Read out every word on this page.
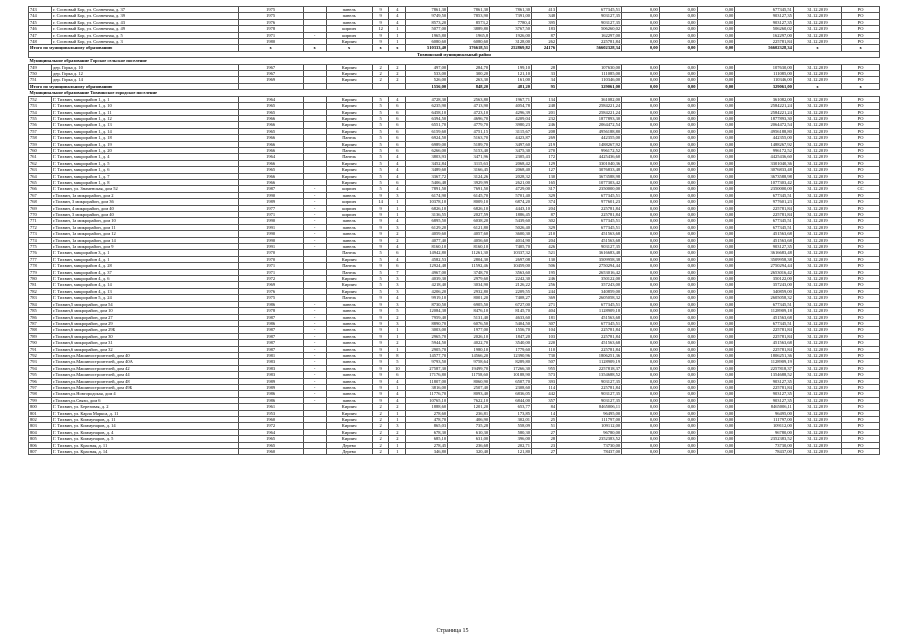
743	г. Сосновый Бор, ул. Солнечная, д. 37	1975		панель	9	4	7861,30	7861,30	7861,30	413	677345,51	0,00	0,00	0,00	677345,51	31.12.2019	РО
744	г. Сосновый Бор, ул. Солнечная, д. 39	1975		панель	9	4	9749,50	7853,90	7391,00	348	903127,35	0,00	0,00	0,00	903127,35	31.12.2019	РО
745	г. Сосновый Бор, ул. Солнечная, д. 43	1976		панель	9	4	8573,20	8573,2	7780,4	395	903127,35	0,00	0,00	0,00	903127,35	31.12.2019	РО
746	г. Сосновый Бор, ул. Солнечная, д. 49	1978		кирпич	12	1	5077,00	3889,80	3767,50	183	506260,02	0,00	0,00	0,00	506260,02	31.12.2019	РО
747	г. Сосновый Бор, ул. Солнечная, д. 5	1971	-	кирпич	9	1	1965,80	1965,8	1926,00	87	162297,00	0,00	0,00	0,00	162297,00	31.12.2019	РО
748	г. Сосновый Бор, ул. Солнечная, д. 3	1980		Кирпич	9	1	6080,60	6080,60	3128,00	262	225781,84	0,00	0,00	0,00	225781,84	31.12.2019	РО
Итого по муниципальному образованию		x	x	x	x	x	510333,40	376618,51	252869,82	24176	56602328,34	0,00	0,00	0,00	56602328,34	x	x
Тихвинский муниципальный район																	
Муниципальное образование Горское сельское поселение																	
749	дер. Горка д. 10	1967		Кирпич	2	2	497,00	284,70	199,10	28	107630,00	0,00	0,00	0,00	107630,00	31.12.2019	РО
750	дер. Горка д. 12	1967		Кирпич	2	2	533,00	300,20	121,10	33	111085,00	0,00	0,00	0,00	111085,00	31.12.2019	РО
751	дер. Горка д. 14	1969		Кирпич	2	2	526,00	263,30	161,00	34	110346,00	0,00	0,00	0,00	110346,00	31.12.2019	РО
Итого по муниципальному образованию							1556,00	848,20	481,20	95	329061,00	0,00	0,00	0,00	329061,00	x	x
Муниципальное образование Тихвинское городское поселение																	
752	Г. Тихвин, микрорайон 1, д. 1	1964		Кирпич	5	4	4728,30	2563,80	1967,71	134	361082,00	0,00	0,00	0,00	361082,00	31.12.2019	РО
753	Г. Тихвин, микрорайон 1, д. 10	1965		Кирпич	5	6	6235,90	4713,90	4054,78	248	2584221,24	0,00	0,00	0,00	2584221,24	31.12.2019	РО
754	Г. Тихвин, микрорайон 1, д. 11	1965		Кирпич	5	6	6458,10	4723,10	4296,39	201	2584221,24	0,00	0,00	0,00	2584221,24	31.12.2019	РО
755	Г. Тихвин, микрорайон 1, д. 12	1966		Кирпич	5	6	6394,50	4696,70	4209,04	232	1877893,30	0,00	0,00	0,00	1877893,30	31.12.2019	РО
756	Г. Тихвин, микрорайон 1, д. 13	1966		Кирпич	5	6	6551,70	4779,70	3980,23	246	2064472,54	0,00	0,00	0,00	2064472,54	31.12.2019	РО
757	Г. Тихвин, микрорайон 1, д. 14	1965		Кирпич	5	6	6159,60	4751,15	3115,67	208	4956188,80	0,00	0,00	0,00	4956188,80	31.12.2019	РО
758	Г. Тихвин, микрорайон 1, д. 18	1966		Панель	5	6	6924,50	5163,70	4423,87	269	442355,00	0,00	0,00	0,00	442355,00	31.12.2019	РО
759	Г. Тихвин, микрорайон 1, д. 19	1966		Кирпич	5	6	6989,00	5189,70	3497,60	219	1488267,92	0,00	0,00	0,00	1488267,92	31.12.2019	РО
760	Г. Тихвин, микрорайон 1, д. 20	1966		Панель	5	6	6266,00	5153,40	3475,30	270	996172,52	0,00	0,00	0,00	996172,52	31.12.2019	РО
761	Г. Тихвин, микрорайон 1, д. 4	1964		Панель	5	4	3803,93	3471,96	2305,43	172	4425436,60	0,00	0,00	0,00	4425436,60	31.12.2019	РО
762	Г. Тихвин, микрорайон 1, д. 5	1966		Кирпич	5	4	3452,84	3115,63	2068,42	129	3301040,36	0,00	0,00	0,00	3301040,36	31.12.2019	РО
763	Г. Тихвин, микрорайон 1, д. 6	1965		Кирпич	5	4	3489,60	3166,45	2068,40	127	3076833,48	0,00	0,00	0,00	3076833,48	31.12.2019	РО
764	Г. Тихвин, микрорайон 1, д. 7	1966		Кирпич	5	4	3367,72	3124,26	2028,32	130	3673588,98	0,00	0,00	0,00	3673588,98	31.12.2019	РО
765	Г. Тихвин, микрорайон 1, д. 8	1966		Кирпич	5	6	5406,48	3929,99	2621,00	165	1077303,42	0,00	0,00	0,00	1077303,42	31.12.2019	РО
766	Г. Тихвин, ул. Знаменская, дом 52	1987	-	кирпич	5	4	7891,50	7691,50	4729,00	317	2350000,00	0,00	0,00	0,00	2350000,00	31.12.2019	СС
767	г.Тихвин, 1а микрорайон, дом 2	1990	-	панель	9	3	6174,90	6145,70	5701,40	329	677345,51	0,00	0,00	0,00	677345,51	31.12.2019	РО
768	г.Тихвин, 3 микрорайон, дом 36	1989	-	кирпич	14	1	10378,10	8009,10	6874,20	374	977601,23	0,00	0,00	0,00	977601,23	31.12.2019	РО
769	г.Тихвин, 4 микрорайон, дом 40	1977	-	кирпич	9	1	6826,10	6826,10	4443,10	204	225781,84	0,00	0,00	0,00	225781,84	31.12.2019	РО
770	г.Тихвин, 3 микрорайон, дом 40	1971	-	кирпич	9	1	3136,55	2027,59	1886,45	87	225781,84	0,00	0,00	0,00	225781,84	31.12.2019	РО
771	г.Тихвин, 1а микрорайон, дом 10	1990	-	панель	9	4	6895,50	6038,20	5439,60	302	677345,51	0,00	0,00	0,00	677345,51	31.12.2019	РО
772	г.Тихвин, 1а микрорайон, дом 11	1991	-	панель	9	3	6129,20	6121,80	5026,40	329	677345,51	0,00	0,00	0,00	677345,51	31.12.2019	РО
773	г.Тихвин, 1а микрорайон, дом 12	1990	-	панель	9	2	4059,60	4057,60	3600,30	210	451563,68	0,00	0,00	0,00	451563,68	31.12.2019	РО
774	г.Тихвин, 1а микрорайон, дом 14	1990	-	панель	9	2	4077,40	4056,60	4014,90	204	451563,68	0,00	0,00	0,00	451563,68	31.12.2019	РО
775	г.Тихвин, 1а микрорайон, дом 9	1991	-	панель	9	4	8160,10	8160,10	7405,70	426	903127,35	0,00	0,00	0,00	903127,35	31.12.2019	РО
776	Г. Тихвин, микрорайон 3, д. 1	1970		Панель	5	6	14942,80	11261,30	10337,32	521	3616683,48	0,00	0,00	0,00	3616683,48	31.12.2019	РО
777	Г. Тихвин, микрорайон 4, д. 1	1970		Кирпич	5	4	4582,53	2804,30	2697,08	130	3509958,38	0,00	0,00	0,00	3509958,38	31.12.2019	РО
778	Г. Тихвин, микрорайон 4, д. 28	1971		Панель	9	6	12924,48	11592,46	10459,00	506	2750294,44	0,00	0,00	0,00	2750294,44	31.12.2019	РО
779	Г. Тихвин, микрорайон 4, д. 37	1971		Панель	5	7	4967,00	3748,70	3563,60	195	2653016,42	0,00	0,00	0,00	2653016,42	31.12.2019	РО
780	Г. Тихвин, микрорайон 4, д. 6	1972		Кирпич	5	3	4039,30	2979,60	2242,30	246	350122,00	0,00	0,00	0,00	350122,00	31.12.2019	РО
781	Г. Тихвин, микрорайон 4, д. 14	1969		Кирпич	5	3	4218,40	3034,90	2126,22	256	357243,00	0,00	0,00	0,00	357243,00	31.12.2019	РО
782	Г. Тихвин, микрорайон 4, д. 13	1976		Кирпич	5	3	4206,20	2932,80	2209,55	244	340859,00	0,00	0,00	0,00	340859,00	31.12.2019	РО
783	Г. Тихвин, микрорайон 5, д. 24	1975		Панель	9	4	9919,10	8001,20	7408,27	369	2605058,32	0,00	0,00	0,00	2605058,32	31.12.2019	РО
784	г.Тихвин,5 микрорайон, дом 54	1986	-	панель	9	3	8730,50	6905,50	6727,00	271	677345,51	0,00	0,00	0,00	677345,51	31.12.2019	РО
785	г.Тихвин,6 микрорайон, дом 10	1978	-	панель	9	5	12084,38	8476,10	8145,70	404	1128909,18	0,00	0,00	0,00	1128909,18	31.12.2019	РО
786	г.Тихвин,6 микрорайон, дом 27	1987	-	панель	9	2	7959,40	5131,40	4633,60	181	451563,68	0,00	0,00	0,00	451563,68	31.12.2019	РО
787	г.Тихвин,6 микрорайон, дом 29	1986	-	панель	9	3	8890,70	6076,50	5404,50	307	677345,51	0,00	0,00	0,00	677345,51	31.12.2019	РО
788	г.Тихвин,6 микрорайон, дом 29Б	1987	-	панель	9	1	3003,00	1977,00	1556,70	104	225781,84	0,00	0,00	0,00	225781,84	31.12.2019	РО
789	г.Тихвин,6 микрорайон, дом 30	1987	-	панель	9	1	2965,70	2026,10	1847,20	103	225781,84	0,00	0,00	0,00	225781,84	31.12.2019	РО
790	г.Тихвин,6 микрорайон, дом 31	1987	-	панель	9	2	5944,50	4022,70	3540,00	220	451563,68	0,00	0,00	0,00	451563,68	31.12.2019	РО
791	г.Тихвин,6 микрорайон, дом 32	1987	-	панель	9	1	2905,70	1980,10	1779,60	110	225781,84	0,00	0,00	0,00	225781,84	31.12.2019	РО
792	г.Тихвин,ул.Машиностроителей, дом 40	1981	-	панель	9	8	14577,70	14566,20	12390,96	730	1806251,36	0,00	0,00	0,00	1806251,36	31.12.2019	РО
793	г.Тихвин,ул.Машиностроителей, дом 40А	1983	-	панель	9	5	9793,50	9758,64	8289,80	507	1128909,19	0,00	0,00	0,00	1128909,19	31.12.2019	РО
794	г.Тихвин,ул.Машиностроителей, дом 42	1983	-	панель	9	10	27587,30	19499,70	17266,30	955	2257818,37	0,00	0,00	0,00	2257818,37	31.12.2019	РО
795	г.Тихвин,ул.Машиностроителей, дом 44	1983	-	панель	9	6	17176,80	11758,60	10188,90	573	1354688,52	0,00	0,00	0,00	1354688,52	31.12.2019	РО
796	г.Тихвин,ул.Машиностроителей, дом 48	1989	-	панель	9	4	11807,00	8060,90	6507,70	393	903127,35	0,00	0,00	0,00	903127,35	31.12.2019	РО
797	г.Тихвин,ул.Машиностроителей, дом 49Б	1989	-	панель	9	1	3816,00	2507,40	2308,60	114	225781,84	0,00	0,00	0,00	225781,84	31.12.2019	РО
798	г.Тихвин,ул.Новгородская, дом 4	1986	-	панель	9	4	11776,70	8093,40	6836,05	442	903127,35	0,00	0,00	0,00	903127,35	31.12.2019	РО
799	г.Тихвин,ул.Связи, дом 6	1986	-	панель	9	4	10765,10	7622,10	6844,00	357	903127,35	0,00	0,00	0,00	903127,35	31.12.2019	РО
800	Г. Тихвин, ул. Березовая, д. 2	1961		Кирпич	2	2	1888,60	1201,20	653,77	84	8465006,11	0,00	0,00	0,00	8465006,11	31.12.2019	РО
801	Г. Тихвин, ул. Карла Маркса, д. 11	1953		Кирпич	2	1	278,60	236,81	173,85	14	96495,00	0,00	0,00	0,00	96495,00	31.12.2019	РО
802	Г. Тихвин, ул. Коммунаров, д. 11	1960		Кирпич	2	1	478,70	406,90	302,01	25	111797,00	0,00	0,00	0,00	111797,00	31.12.2019	РО
803	Г. Тихвин, ул. Коммунаров, д. 14	1972		Кирпич	2	3	865,03	735,28	558,09	51	109112,00	0,00	0,00	0,00	109112,00	31.12.2019	РО
804	Г. Тихвин, ул. Коммунаров, д. 4	1964		Кирпич	2	2	678,30	610,30	580,30	27	96780,00	0,00	0,00	0,00	96780,00	31.12.2019	РО
805	Г. Тихвин, ул. Коммунаров, д. 5	1965		Кирпич	2	2	685,10	631,00	396,00	28	2352383,52	0,00	0,00	0,00	2352383,52	31.12.2019	РО
806	Г. Тихвин, ул. Красная, д. 11	1965		Дерево	2	1	278,45	236,68	202,71	23	73730,00	0,00	0,00	0,00	73730,00	31.12.2019	РО
807	Г. Тихвин, ул. Красная, д. 14	1960		Дерево	2	1	346,80	320,40	121,80	27	78437,00	0,00	0,00	0,00	78437,00	31.12.2019	РО
Страница 15
